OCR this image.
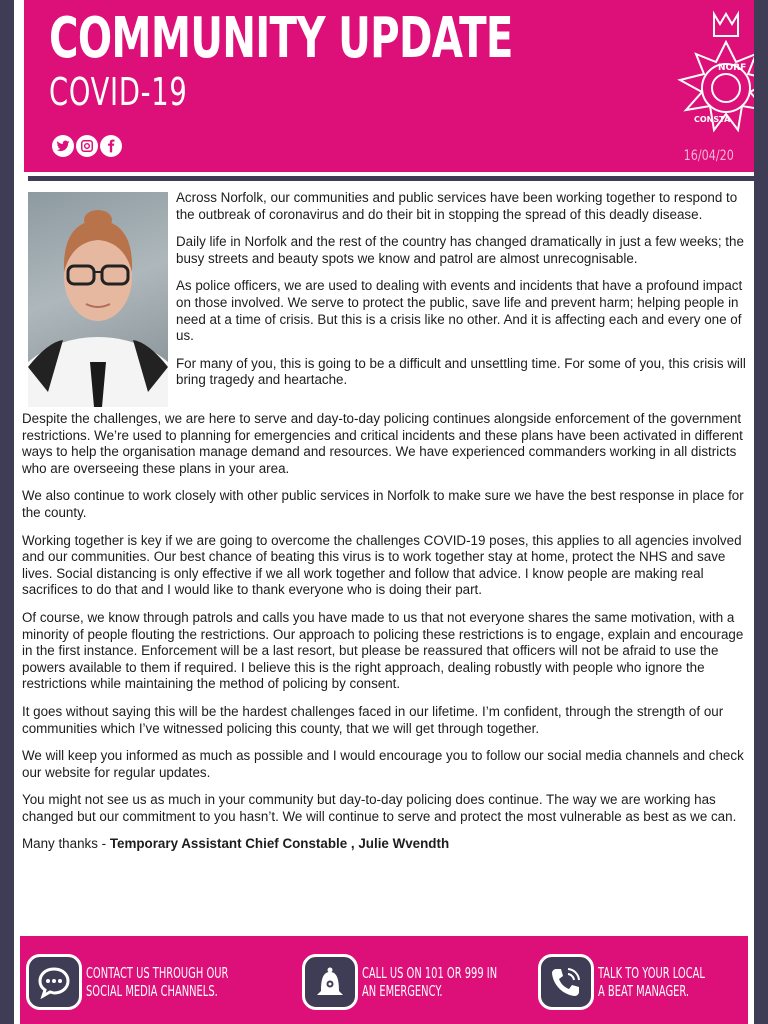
COMMUNITY UPDATE
COVID-19
NORF
CONSTA
16/04/20

Across Norfolk, our communities and public services have been working together to respond to the outbreak of coronavirus and do their bit in stopping the spread of this deadly disease.

Daily life in Norfolk and the rest of the country has changed dramatically in just a few weeks; the busy streets and beauty spots we know and patrol are almost unrecognisable.

As police officers, we are used to dealing with events and incidents that have a profound impact on those involved. We serve to protect the public, save life and prevent harm; helping people in need at a time of crisis. But this is a crisis like no other. And it is affecting each and every one of us.

For many of you, this is going to be a difficult and unsettling time. For some of you, this crisis will bring tragedy and heartache.

Despite the challenges, we are here to serve and day-to-day policing continues alongside enforcement of the government restrictions. We’re used to planning for emergencies and critical incidents and these plans have been activated in different ways to help the organisation manage demand and resources. We have experienced commanders working in all districts who are overseeing these plans in your area.

We also continue to work closely with other public services in Norfolk to make sure we have the best response in place for the county.

Working together is key if we are going to overcome the challenges COVID-19 poses, this applies to all agencies involved and our communities. Our best chance of beating this virus is to work together stay at home, protect the NHS and save lives. Social distancing is only effective if we all work together and follow that advice. I know people are making real sacrifices to do that and I would like to thank everyone who is doing their part.

Of course, we know through patrols and calls you have made to us that not everyone shares the same motivation, with a minority of people flouting the restrictions. Our approach to policing these restrictions is to engage, explain and encourage in the first instance. Enforcement will be a last resort, but please be reassured that officers will not be afraid to use the powers available to them if required. I believe this is the right approach, dealing robustly with people who ignore the restrictions while maintaining the method of policing by consent.

It goes without saying this will be the hardest challenges faced in our lifetime. I’m confident, through the strength of our communities which I’ve witnessed policing this county, that we will get through together.

We will keep you informed as much as possible and I would encourage you to follow our social media channels and check our website for regular updates.

You might not see us as much in your community but day-to-day policing does continue. The way we are working has changed but our commitment to you hasn’t. We will continue to serve and protect the most vulnerable as best as we can.

Many thanks - Temporary Assistant Chief Constable , Julie Wvendth

CONTACT US THROUGH OUR
SOCIAL MEDIA CHANNELS.
CALL US ON 101 OR 999 IN
AN EMERGENCY.
TALK TO YOUR LOCAL
A BEAT MANAGER.
